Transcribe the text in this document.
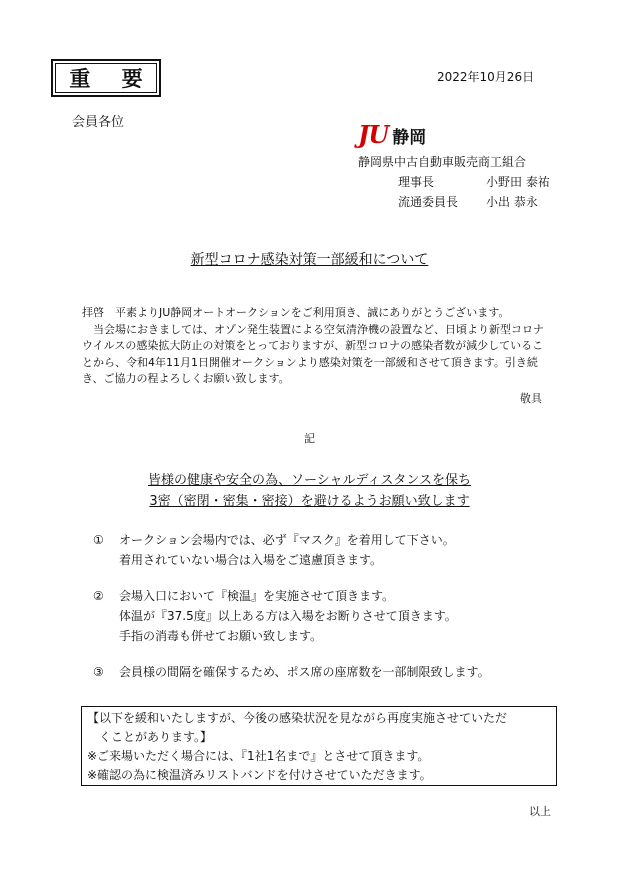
重 要	2022年10月26日
会員各位	JU 静岡
静岡県中古自動車販売商工組合
理事長	小野田 泰祐
流通委員長	小出 恭永
新型コロナ感染対策一部緩和について

拝啓　平素よりJU静岡オートオークションをご利用頂き、誠にありがとうございます。

　当会場におきましては、オゾン発生装置による空気清浄機の設置など、日頃より新型コロナウイルスの感染拡大防止の対策をとっておりますが、新型コロナの感染者数が減少していることから、令和4年11月1日開催オークションより感染対策を一部緩和させて頂きます。引き続き、ご協力の程よろしくお願い致します。

敬具
記
皆様の健康や安全の為、ソーシャルディスタンスを保ち
3密（密閉・密集・密接）を避けるようお願い致します
①	オークション会場内では、必ず『マスク』を着用して下さい。
着用されていない場合は入場をご遠慮頂きます。
②	会場入口において『検温』を実施させて頂きます。
体温が『37.5度』以上ある方は入場をお断りさせて頂きます。
手指の消毒も併せてお願い致します。
③	会員様の間隔を確保するため、ポス席の座席数を一部制限致します。
【以下を緩和いたしますが、今後の感染状況を見ながら再度実施させていただ
くことがあります。】
※ご来場いただく場合には、『1社1名まで』とさせて頂きます。
※確認の為に検温済みリストバンドを付けさせていただきます。
以上
